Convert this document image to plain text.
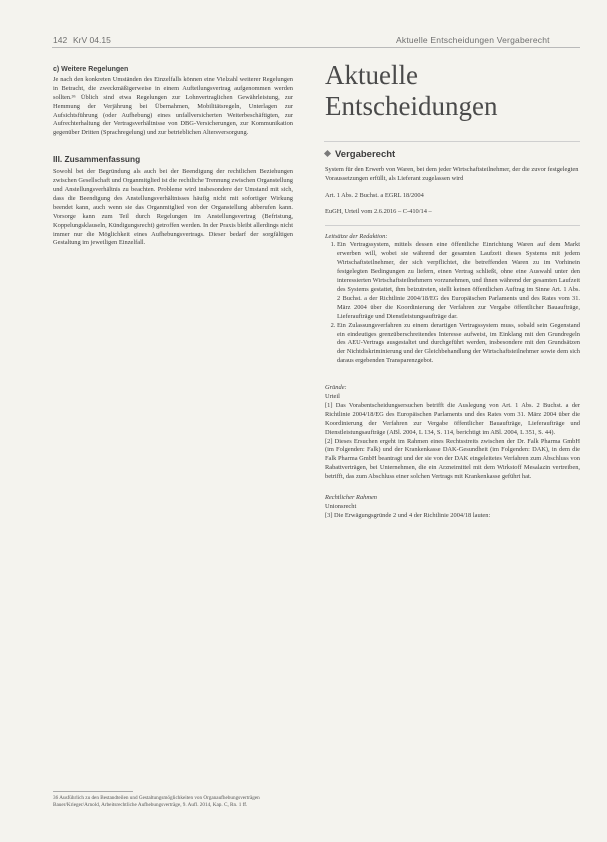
142 KrV 04.15	Aktuelle Entscheidungen Vergaberecht
c) Weitere Regelungen

Je nach den konkreten Umständen des Einzelfalls können eine Vielzahl weiterer Regelungen in Betracht, die zweckmäßigerweise in einem Aufteilungsvertrag aufgenommen werden sollten.³⁶ Üblich sind etwa Regelungen zur Lohnvertraglichen Gewährleistung, zur Hemmung der Verjährung bei Übernahmen, Mobilitätsregeln, Unterlagen zur Aufsichtsführung (oder Aufhebung) eines unfallversicherten Weiterbeschäftigten, zur Aufrechterhaltung der Vertragsverhältnisse von DBG-Versicherungen, zur Kommunikation gegenüber Dritten (Sprachregelung) und zur betrieblichen Altersversorgung.

III. Zusammenfassung

Sowohl bei der Begründung als auch bei der Beendigung der rechtlichen Beziehungen zwischen Gesellschaft und Organmitglied ist die rechtliche Trennung zwischen Organstellung und Anstellungsverhältnis zu beachten. Probleme wird insbesondere der Umstand mit sich, dass die Beendigung des Anstellungsverhältnisses häufig nicht mit sofortiger Wirkung beendet kann, auch wenn sie das Organmitglied von der Organstellung abberufen kann. Vorsorge kann zum Teil durch Regelungen im Anstellungsvertrag (Befristung, Koppelungsklauseln, Kündigungsrecht) getroffen werden. In der Praxis bleibt allerdings nicht immer nur die Möglichkeit eines Aufhebungsvertrags. Dieser bedarf der sorgfältigen Gestaltung im jeweiligen Einzelfall.

36 Ausführlich zu den Bestandteilen und Gestaltungsmöglichkeiten von Organaufhebungsverträgen Bauer/Krieger/Arnold, Arbeitsrechtliche Aufhebungsverträge, 9. Aufl. 2014, Kap. C, Rn. 1 ff.
Aktuelle
Entscheidungen
Vergaberecht

System für den Erwerb von Waren, bei dem jeder Wirtschaftsteilnehmer, der die zuvor festgelegten Voraussetzungen erfüllt, als Lieferant zugelassen wird

Art. 1 Abs. 2 Buchst. a EGRL 18/2004

EuGH, Urteil vom 2.6.2016 – C-410/14 –

Leitsätze der Redaktion:

1. Ein Vertragssystem, mittels dessen eine öffentliche Einrichtung Waren auf dem Markt erwerben will, wobei sie während der gesamten Laufzeit dieses Systems mit jedem Wirtschaftsteilnehmer, der sich verpflichtet, die betreffenden Waren zu im Vorhinein festgelegten Bedingungen zu liefern, einen Vertrag schließt, ohne eine Auswahl unter den interessierten Wirtschaftsteilnehmern vorzunehmen, und ihnen während der gesamten Laufzeit des Systems gestattet, ihm beizutreten, stellt keinen öffentlichen Auftrag im Sinne Art. 1 Abs. 2 Buchst. a der Richtlinie 2004/18/EG des Europäischen Parlaments und des Rates vom 31. März 2004 über die Koordinierung der Verfahren zur Vergabe öffentlicher Bauaufträge, Lieferaufträge und Dienstleistungsaufträge dar.
2. Ein Zulassungsverfahren zu einem derartigen Vertragssystem muss, sobald sein Gegenstand ein eindeutiges grenzüberschreitendes Interesse aufweist, im Einklang mit den Grundregeln des AEU-Vertrags ausgestaltet und durchgeführt werden, insbesondere mit den Grundsätzen der Nichtdiskriminierung und der Gleichbehandlung der Wirtschaftsteilnehmer sowie dem sich daraus ergebenden Transparenzgebot.

Gründe:

Urteil

[1] Das Vorabentscheidungsersuchen betrifft die Auslegung von Art. 1 Abs. 2 Buchst. a der Richtlinie 2004/18/EG des Europäischen Parlaments und des Rates vom 31. März 2004 über die Koordinierung der Verfahren zur Vergabe öffentlicher Bauaufträge, Lieferaufträge und Dienstleistungsaufträge (ABl. 2004, L 134, S. 114, berichtigt im ABl. 2004, L 351, S. 44).

[2] Dieses Ersuchen ergeht im Rahmen eines Rechtsstreits zwischen der Dr. Falk Pharma GmbH (im Folgenden: Falk) und der Krankenkasse DAK-Gesundheit (im Folgenden: DAK), in dem die Falk Pharma GmbH beantragt und der sie von der DAK eingeleitetes Verfahren zum Abschluss von Rabattverträgen, bei Unternehmen, die ein Arzneimittel mit dem Wirkstoff Mesalazin vertreiben, betrifft, das zum Abschluss einer solchen Vertrags mit Krankenkasse geführt hat.

Rechtlicher Rahmen

Unionsrecht

[3] Die Erwägungsgründe 2 und 4 der Richtlinie 2004/18 lauten:
